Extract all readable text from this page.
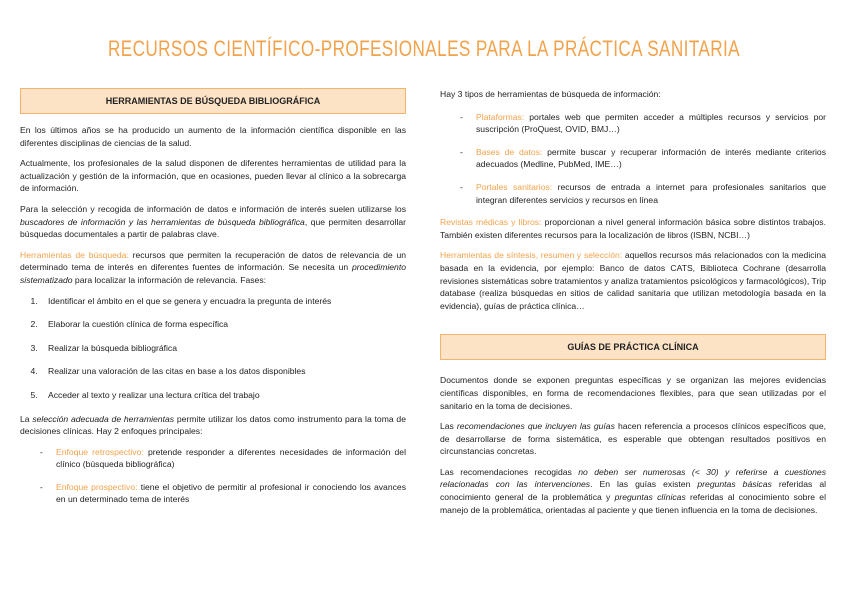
RECURSOS CIENTÍFICO-PROFESIONALES PARA LA PRÁCTICA SANITARIA
HERRAMIENTAS DE BÚSQUEDA BIBLIOGRÁFICA

En los últimos años se ha producido un aumento de la información científica disponible en las diferentes disciplinas de ciencias de la salud.

Actualmente, los profesionales de la salud disponen de diferentes herramientas de utilidad para la actualización y gestión de la información, que en ocasiones, pueden llevar al clínico a la sobrecarga de información.

Para la selección y recogida de información de datos e información de interés suelen utilizarse los buscadores de información y las herramientas de búsqueda bibliográfica, que permiten desarrollar búsquedas documentales a partir de palabras clave.

Herramientas de búsqueda: recursos que permiten la recuperación de datos de relevancia de un determinado tema de interés en diferentes fuentes de información. Se necesita un procedimiento sistematizado para localizar la información de relevancia. Fases:

1. Identificar el ámbito en el que se genera y encuadra la pregunta de interés
2. Elaborar la cuestión clínica de forma específica
3. Realizar la búsqueda bibliográfica
4. Realizar una valoración de las citas en base a los datos disponibles
5. Acceder al texto y realizar una lectura crítica del trabajo

La selección adecuada de herramientas permite utilizar los datos como instrumento para la toma de decisiones clínicas. Hay 2 enfoques principales:

- Enfoque retrospectivo: pretende responder a diferentes necesidades de información del clínico (búsqueda bibliográfica)
- Enfoque prospectivo: tiene el objetivo de permitir al profesional ir conociendo los avances en un determinado tema de interés

Hay 3 tipos de herramientas de búsqueda de información:

- Plataformas: portales web que permiten acceder a múltiples recursos y servicios por suscripción (ProQuest, OVID, BMJ…)
- Bases de datos: permite buscar y recuperar información de interés mediante criterios adecuados (Medline, PubMed, IME…)
- Portales sanitarios: recursos de entrada a internet para profesionales sanitarios que integran diferentes servicios y recursos en línea

Revistas médicas y libros: proporcionan a nivel general información básica sobre distintos trabajos. También existen diferentes recursos para la localización de libros (ISBN, NCBI…)

Herramientas de síntesis, resumen y selección: aquellos recursos más relacionados con la medicina basada en la evidencia, por ejemplo: Banco de datos CATS, Biblioteca Cochrane (desarrolla revisiones sistemáticas sobre tratamientos y analiza tratamientos psicológicos y farmacológicos), Trip database (realiza búsquedas en sitios de calidad sanitaria que utilizan metodología basada en la evidencia), guías de práctica clínica…

GUÍAS DE PRÁCTICA CLÍNICA

Documentos donde se exponen preguntas específicas y se organizan las mejores evidencias científicas disponibles, en forma de recomendaciones flexibles, para que sean utilizadas por el sanitario en la toma de decisiones.

Las recomendaciones que incluyen las guías hacen referencia a procesos clínicos específicos que, de desarrollarse de forma sistemática, es esperable que obtengan resultados positivos en circunstancias concretas.

Las recomendaciones recogidas no deben ser numerosas (< 30) y referirse a cuestiones relacionadas con las intervenciones. En las guías existen preguntas básicas referidas al conocimiento general de la problemática y preguntas clínicas referidas al conocimiento sobre el manejo de la problemática, orientadas al paciente y que tienen influencia en la toma de decisiones.
